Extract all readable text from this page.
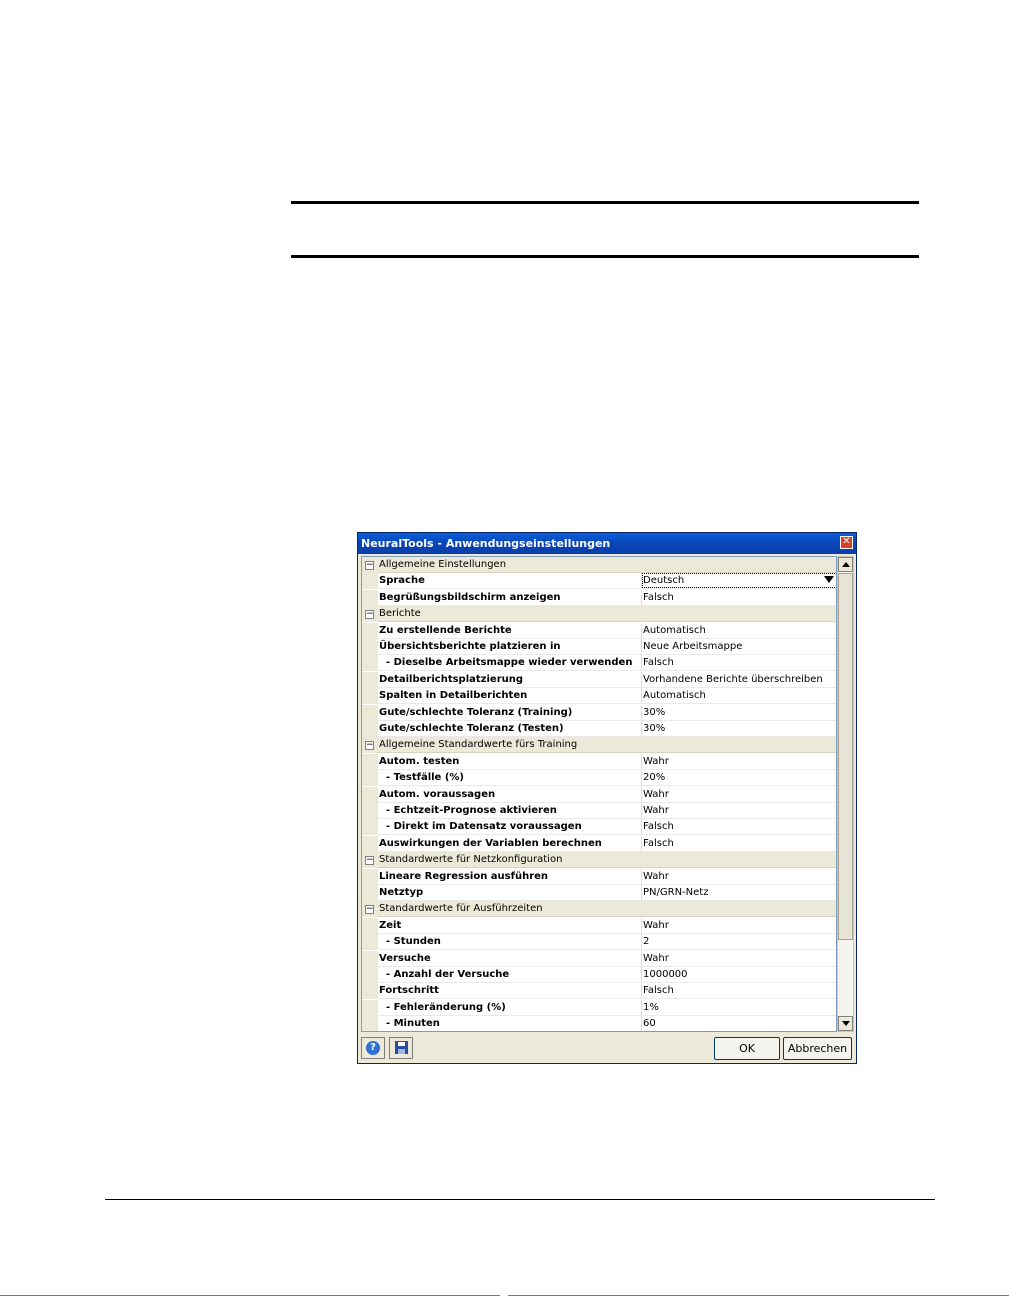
NeuralTools - Anwendungseinstellungen	✕
− Allgemeine Einstellungen
Sprache	Deutsch
Begrüßungsbildschirm anzeigen	Falsch
− Berichte
Zu erstellende Berichte	Automatisch
Übersichtsberichte platzieren in	Neue Arbeitsmappe
- Dieselbe Arbeitsmappe wieder verwenden	Falsch
Detailberichtsplatzierung	Vorhandene Berichte überschreiben
Spalten in Detailberichten	Automatisch
Gute/schlechte Toleranz (Training)	30%
Gute/schlechte Toleranz (Testen)	30%
− Allgemeine Standardwerte fürs Training
Autom. testen	Wahr
- Testfälle (%)	20%
Autom. voraussagen	Wahr
- Echtzeit-Prognose aktivieren	Wahr
- Direkt im Datensatz voraussagen	Falsch
Auswirkungen der Variablen berechnen	Falsch
− Standardwerte für Netzkonfiguration
Lineare Regression ausführen	Wahr
Netztyp	PN/GRN-Netz
− Standardwerte für Ausführzeiten
Zeit	Wahr
- Stunden	2
Versuche	Wahr
- Anzahl der Versuche	1000000
Fortschritt	Falsch
- Fehleränderung (%)	1%
- Minuten	60
?	OK	Abbrechen
